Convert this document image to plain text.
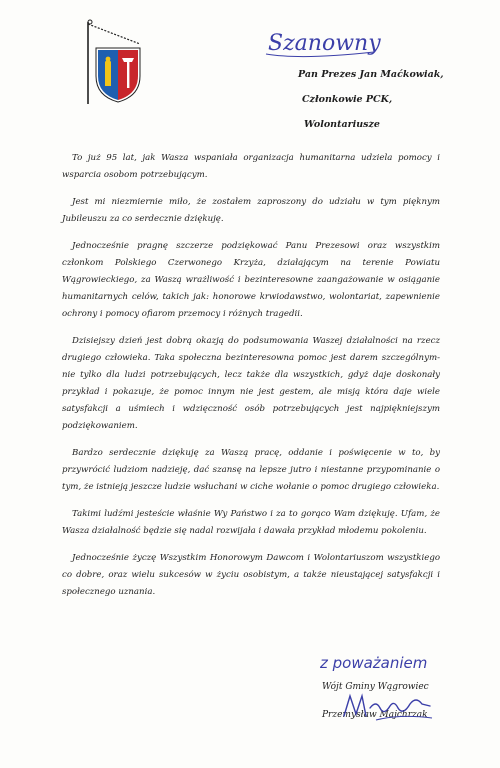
Szanowny
Pan Prezes Jan Maćkowiak,
Członkowie PCK,
Wolontariusze

To już 95 lat, jak Wasza wspaniała organizacja humanitarna udziela pomocy i wsparcia osobom potrzebującym.

Jest mi niezmiernie miło, że zostałem zaproszony do udziału w tym pięknym Jubileuszu za co serdecznie dziękuję.

Jednocześnie pragnę szczerze podziękować Panu Prezesowi oraz wszystkim członkom Polskiego Czerwonego Krzyża, działającym na terenie Powiatu Wągrowieckiego, za Waszą wrażliwość i bezinteresowne zaangażowanie w osiąganie humanitarnych celów, takich jak: honorowe krwiodawstwo, wolontariat, zapewnienie ochrony i pomocy ofiarom przemocy i różnych tragedii.

Dzisiejszy dzień jest dobrą okazją do podsumowania Waszej działalności na rzecz drugiego człowieka. Taka społeczna bezinteresowna pomoc jest darem szczególnym- nie tylko dla ludzi potrzebujących, lecz także dla wszystkich, gdyż daje doskonały przykład i pokazuje, że pomoc innym nie jest gestem, ale misją która daje wiele satysfakcji a uśmiech i wdzięczność osób potrzebujących jest najpiękniejszym podziękowaniem.

Bardzo serdecznie dziękuję za Waszą pracę, oddanie i poświęcenie w to, by przywrócić ludziom nadzieję, dać szansę na lepsze jutro i niestanne przypominanie o tym, że istnieją jeszcze ludzie wsłuchani w ciche wołanie o pomoc drugiego człowieka.

Takimi ludźmi jesteście właśnie Wy Państwo i za to gorąco Wam dziękuję. Ufam, że Wasza działalność będzie się nadal rozwijała i dawała przykład młodemu pokoleniu.

Jednocześnie życzę Wszystkim Honorowym Dawcom i Wolontariuszom wszystkiego co dobre, oraz wielu sukcesów w życiu osobistym, a także nieustającej satysfakcji i społecznego uznania.

z poważaniem
Wójt Gminy Wągrowiec
Przemysław Majchrzak
